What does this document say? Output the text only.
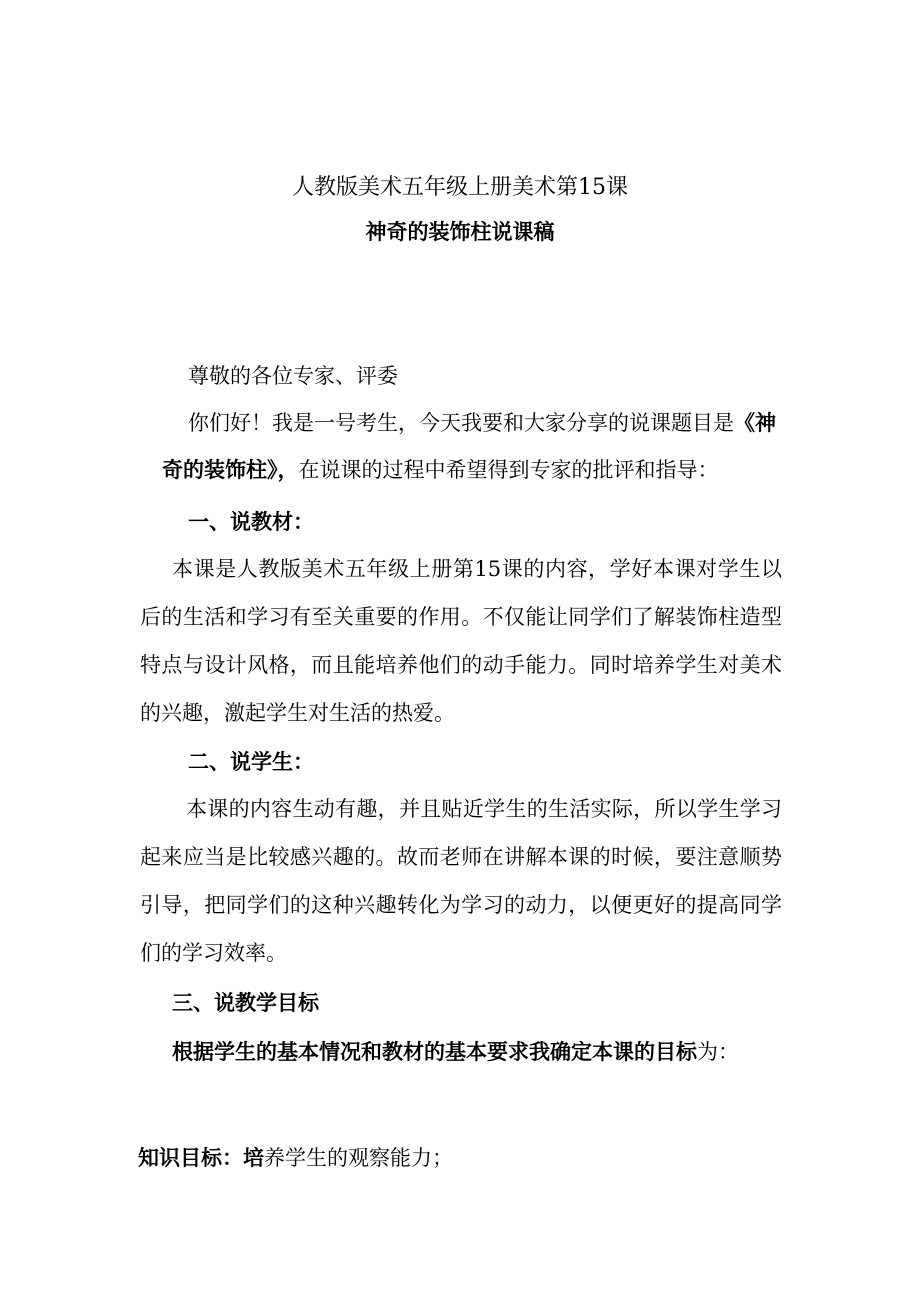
人教版美术五年级上册美术第15课
神奇的装饰柱说课稿
尊敬的各位专家、评委
你们好！我是一号考生，今天我要和大家分享的说课题目是《神
奇的装饰柱》，在说课的过程中希望得到专家的批评和指导：
一、说教材：
本课是人教版美术五年级上册第15课的内容，学好本课对学生以
后的生活和学习有至关重要的作用。不仅能让同学们了解装饰柱造型
特点与设计风格，而且能培养他们的动手能力。同时培养学生对美术
的兴趣，激起学生对生活的热爱。
二、说学生：
本课的内容生动有趣，并且贴近学生的生活实际，所以学生学习
起来应当是比较感兴趣的。故而老师在讲解本课的时候，要注意顺势
引导，把同学们的这种兴趣转化为学习的动力，以便更好的提高同学
们的学习效率。
三、说教学目标
根据学生的基本情况和教材的基本要求我确定本课的目标为：
知识目标：培养学生的观察能力；
